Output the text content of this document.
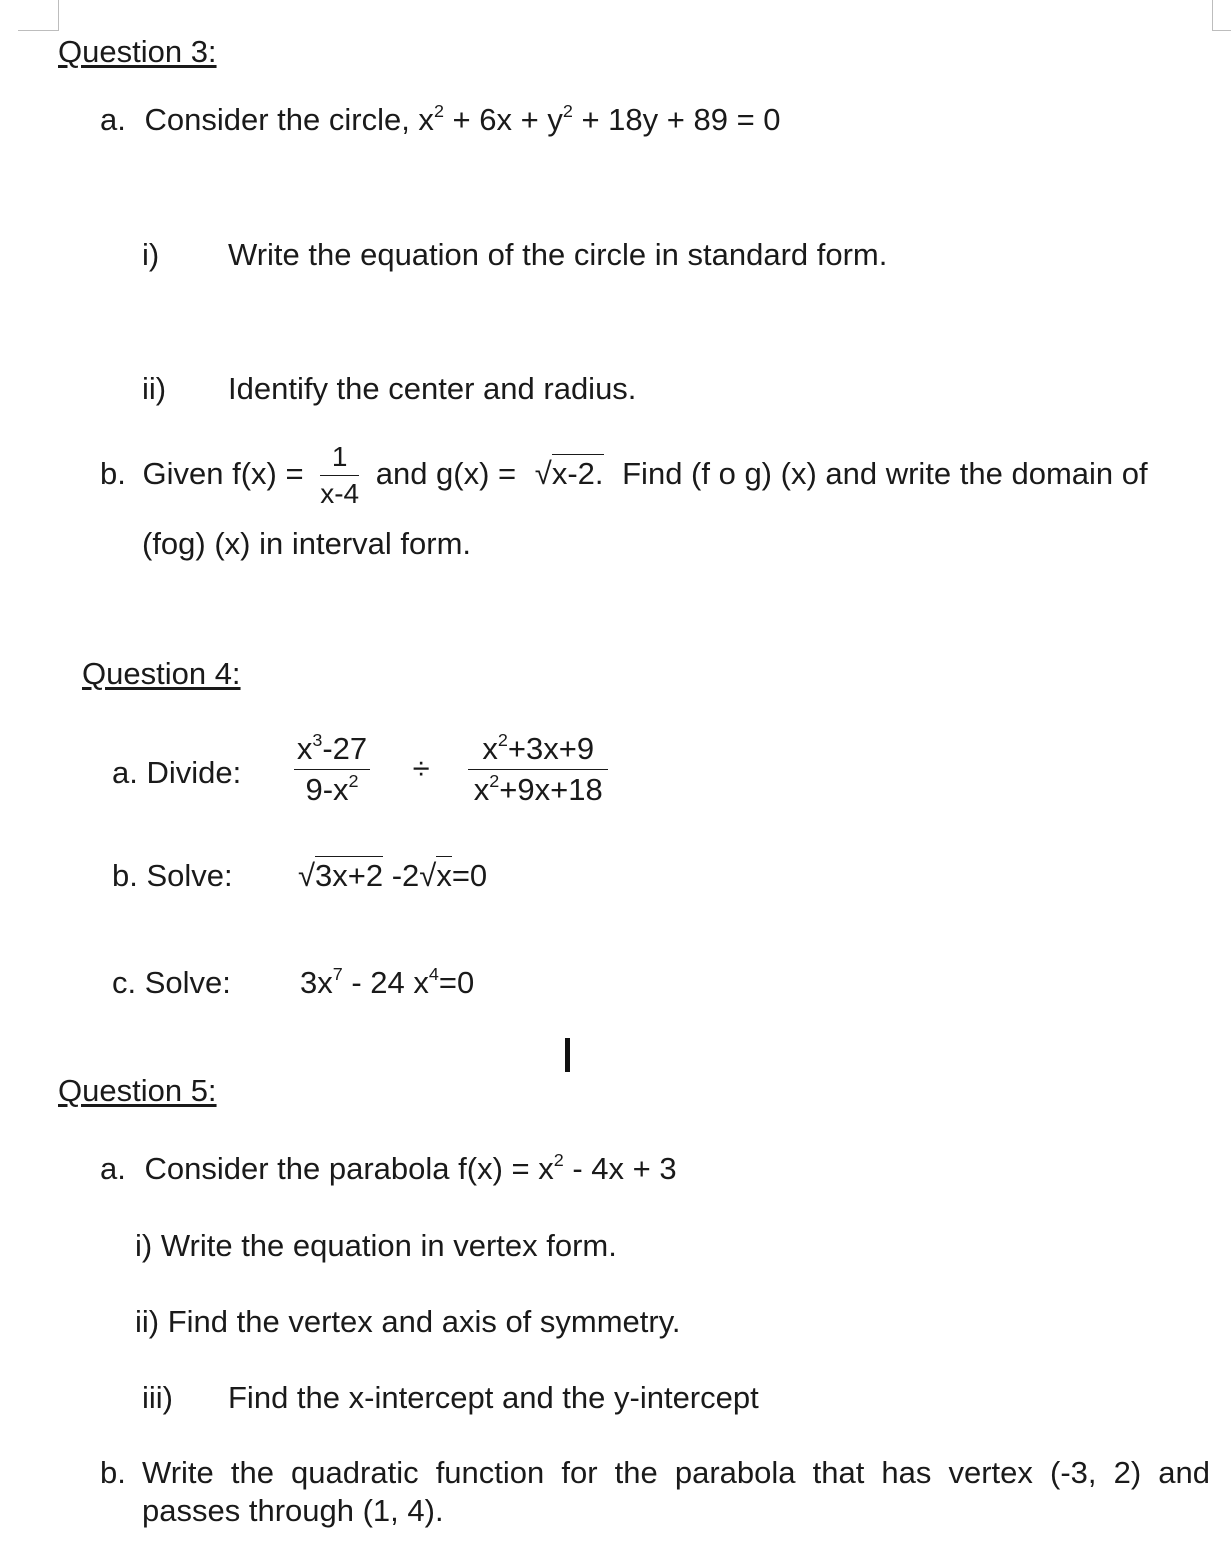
Question 3:
a. Consider the circle, $x^2 + 6x + y^2 + 18y + 89 = 0$
i) Write the equation of the circle in standard form.
ii) Identify the center and radius.
b. Given $f(x) = \frac{1}{x-4}$ and g(x) = √x-2. Find (f o g) (x) and write the domain of
(fog) (x) in interval form.
Question 4:
a. Divide: $\frac{x^3-27}{9-x^2} \div \frac{x^2+3x+9}{x^2+9x+18}$
b. Solve: √3x+2 -2√x=0
c. Solve: $3x^7 - 24$ $x^4=0$
Question 5:
a. Consider the parabola $f(x) = x^2 - 4x + 3$
i) Write the equation in vertex form.
ii) Find the vertex and axis of symmetry.
iii) Find the x-intercept and the y-intercept
b. Write the quadratic function for the parabola that has vertex (-3, 2) and
passes through (1, 4).
